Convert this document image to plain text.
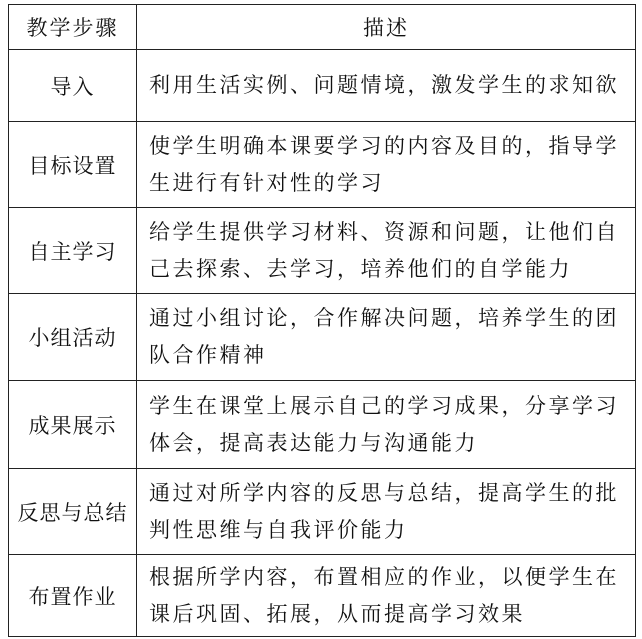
教学步骤	描述
导入	利用生活实例、问题情境，激发学生的求知欲
目标设置	使学生明确本课要学习的内容及目的，指导学生进行有针对性的学习
自主学习	给学生提供学习材料、资源和问题，让他们自己去探索、去学习，培养他们的自学能力
小组活动	通过小组讨论，合作解决问题，培养学生的团队合作精神
成果展示	学生在课堂上展示自己的学习成果，分享学习体会，提高表达能力与沟通能力
反思与总结	通过对所学内容的反思与总结，提高学生的批判性思维与自我评价能力
布置作业	根据所学内容，布置相应的作业，以便学生在课后巩固、拓展，从而提高学习效果
